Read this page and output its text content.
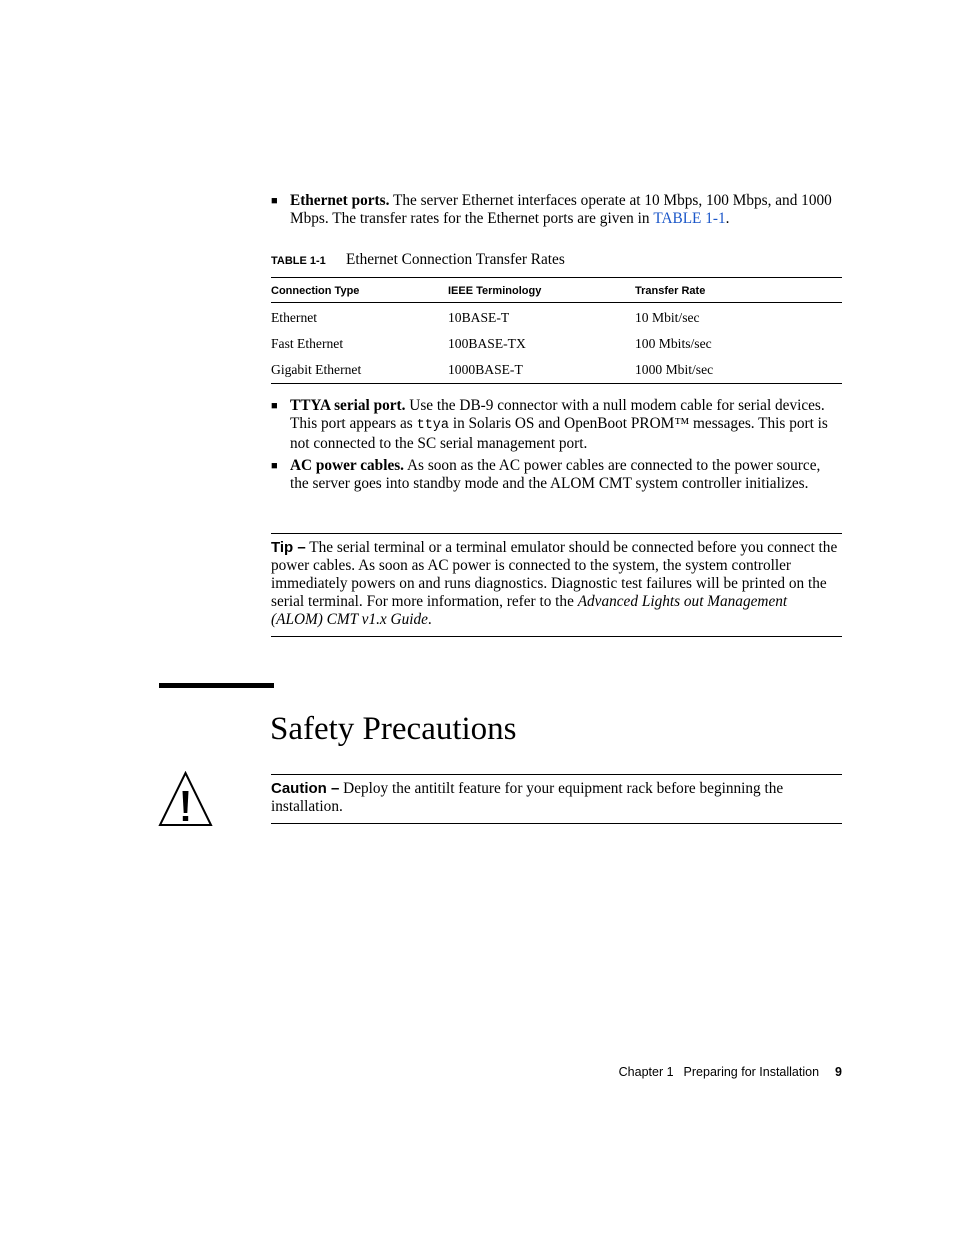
■ Ethernet ports. The server Ethernet interfaces operate at 10 Mbps, 100 Mbps, and 1000 Mbps. The transfer rates for the Ethernet ports are given in TABLE 1-1.
TABLE 1-1 Ethernet Connection Transfer Rates
Connection Type	IEEE Terminology	Transfer Rate
Ethernet	10BASE-T	10 Mbit/sec
Fast Ethernet	100BASE-TX	100 Mbits/sec
Gigabit Ethernet	1000BASE-T	1000 Mbit/sec
■ TTYA serial port. Use the DB-9 connector with a null modem cable for serial devices. This port appears as ttya in Solaris OS and OpenBoot PROM™ messages. This port is not connected to the SC serial management port.
■ AC power cables. As soon as the AC power cables are connected to the power source, the server goes into standby mode and the ALOM CMT system controller initializes.
Tip – The serial terminal or a terminal emulator should be connected before you connect the power cables. As soon as AC power is connected to the system, the system controller immediately powers on and runs diagnostics. Diagnostic test failures will be printed on the serial terminal. For more information, refer to the Advanced Lights out Management (ALOM) CMT v1.x Guide.
Safety Precautions
Caution – Deploy the antitilt feature for your equipment rack before beginning the installation.
Chapter 1 Preparing for Installation 9
